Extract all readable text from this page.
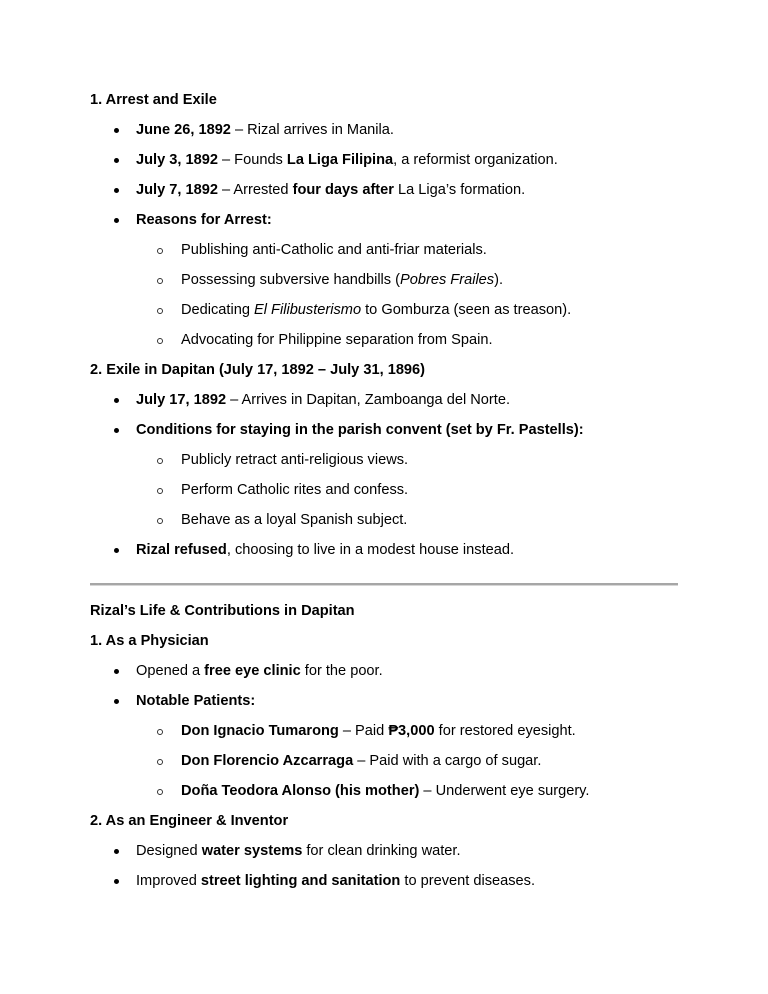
1. Arrest and Exile
June 26, 1892 – Rizal arrives in Manila.
July 3, 1892 – Founds La Liga Filipina, a reformist organization.
July 7, 1892 – Arrested four days after La Liga’s formation.
Reasons for Arrest:
Publishing anti-Catholic and anti-friar materials.
Possessing subversive handbills (Pobres Frailes).
Dedicating El Filibusterismo to Gomburza (seen as treason).
Advocating for Philippine separation from Spain.
2. Exile in Dapitan (July 17, 1892 – July 31, 1896)
July 17, 1892 – Arrives in Dapitan, Zamboanga del Norte.
Conditions for staying in the parish convent (set by Fr. Pastells):
Publicly retract anti-religious views.
Perform Catholic rites and confess.
Behave as a loyal Spanish subject.
Rizal refused, choosing to live in a modest house instead.
Rizal’s Life & Contributions in Dapitan
1. As a Physician
Opened a free eye clinic for the poor.
Notable Patients:
Don Ignacio Tumarong – Paid ₱3,000 for restored eyesight.
Don Florencio Azcarraga – Paid with a cargo of sugar.
Doña Teodora Alonso (his mother) – Underwent eye surgery.
2. As an Engineer & Inventor
Designed water systems for clean drinking water.
Improved street lighting and sanitation to prevent diseases.
